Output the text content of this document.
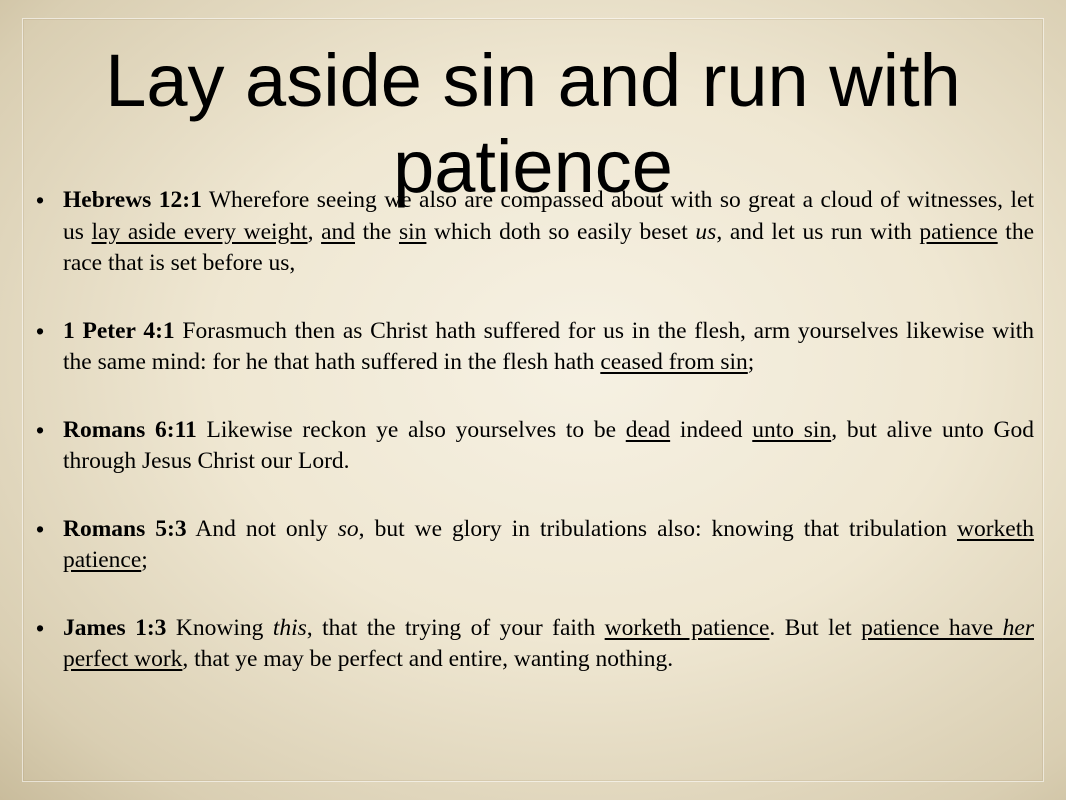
Lay aside sin and run with patience
• Hebrews 12:1 Wherefore seeing we also are compassed about with so great a cloud of witnesses, let us lay aside every weight, and the sin which doth so easily beset us, and let us run with patience the race that is set before us,
• 1 Peter 4:1 Forasmuch then as Christ hath suffered for us in the flesh, arm yourselves likewise with the same mind: for he that hath suffered in the flesh hath ceased from sin;
• Romans 6:11 Likewise reckon ye also yourselves to be dead indeed unto sin, but alive unto God through Jesus Christ our Lord.
• Romans 5:3 And not only so, but we glory in tribulations also: knowing that tribulation worketh patience;
• James 1:3 Knowing this, that the trying of your faith worketh patience. But let patience have her perfect work, that ye may be perfect and entire, wanting nothing.
